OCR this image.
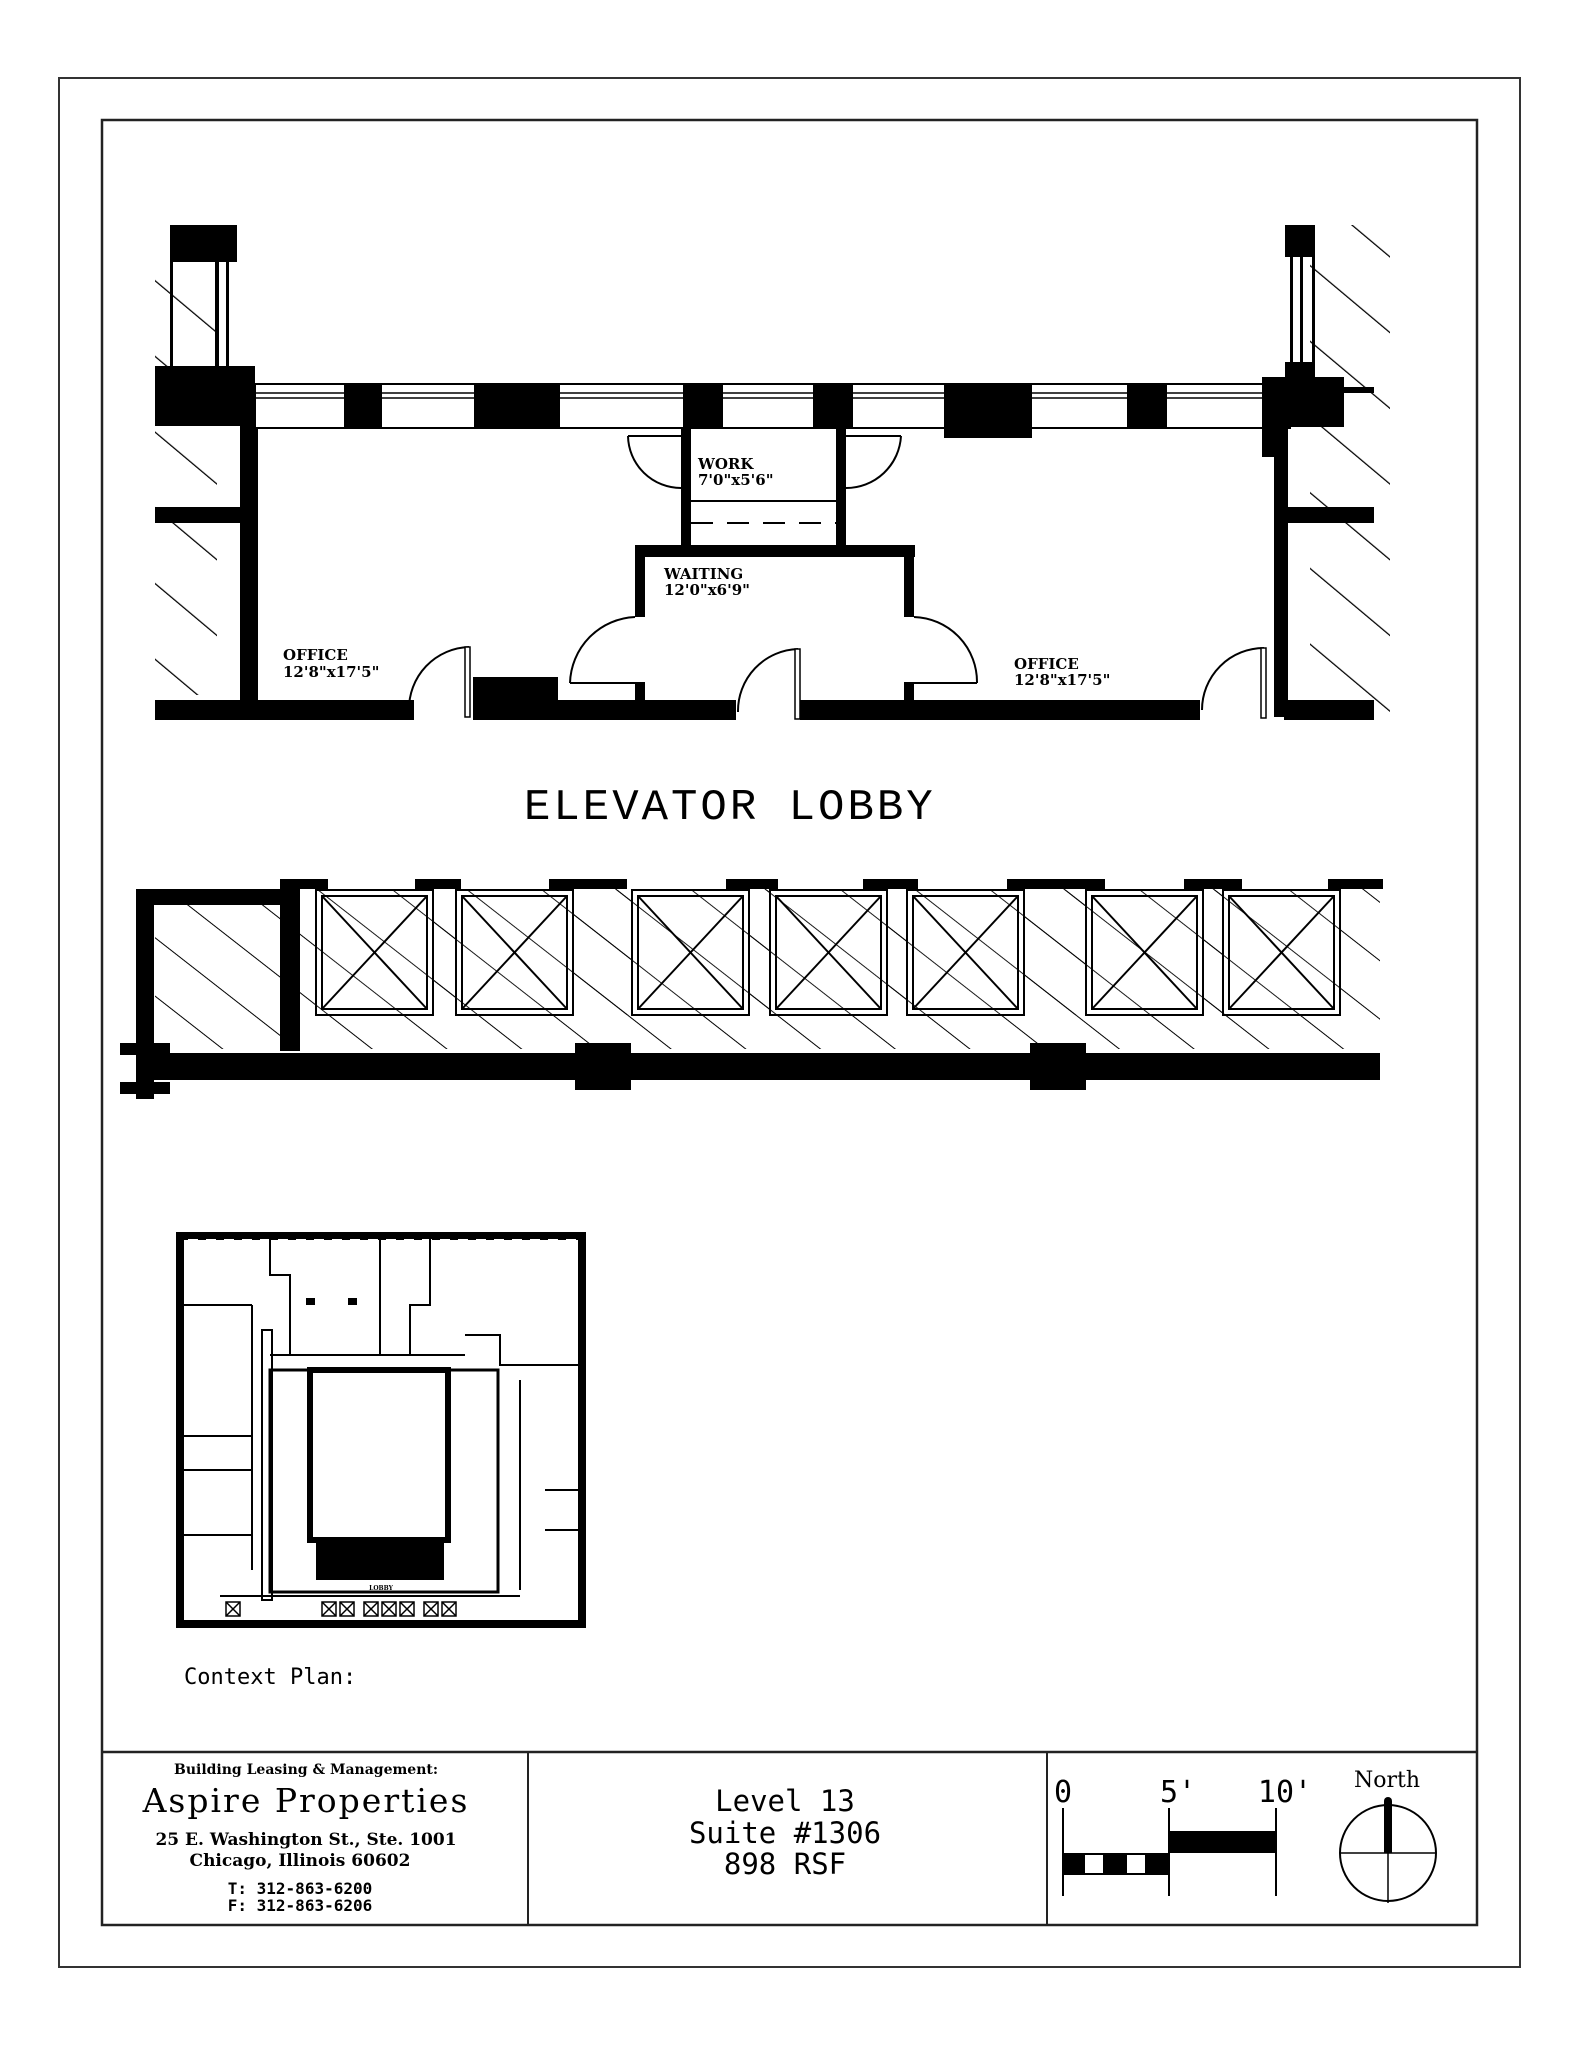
OFFICE
12'8"x17'5"
WORK
7'0"x5'6"
WAITING
12'0"x6'9"
OFFICE
12'8"x17'5"
ELEVATOR LOBBY
LOBBY
Context Plan:
Building Leasing & Management:
Aspire Properties
25 E. Washington St., Ste. 1001
Chicago, Illinois 60602
T: 312-863-6200
F: 312-863-6206
Level 13
Suite #1306
898 RSF
0	5' 10' North
